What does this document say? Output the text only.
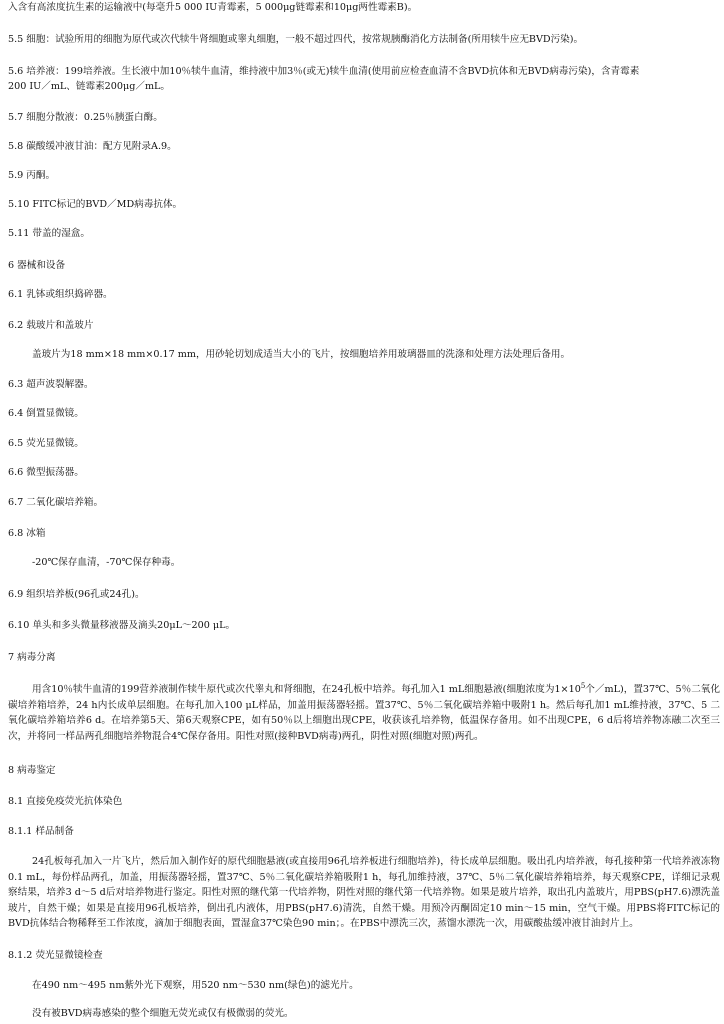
入含有高浓度抗生素的运输液中(每毫升5 000 IU青霉素，5 000μg链霉素和10μg两性霉素B)。
5.5 细胞：试验所用的细胞为原代或次代犊牛肾细胞或睾丸细胞，一般不超过四代，按常规胰酶消化方法制备(所用犊牛应无BVD污染)。
5.6 培养液：199培养液。生长液中加10％犊牛血清，维持液中加3％(或无)犊牛血清(使用前应检查血清不含BVD抗体和无BVD病毒污染)，含青霉素
200 IU／mL、链霉素200μg／mL。
5.7 细胞分散液：0.25％胰蛋白酶。
5.8 碳酸缓冲液甘油：配方见附录A.9。
5.9 丙酮。
5.10 FITC标记的BVD／MD病毒抗体。
5.11 带盖的湿盒。
6 器械和设备
6.1 乳钵或组织捣碎器。
6.2 载玻片和盖玻片
盖玻片为18 mm×18 mm×0.17 mm，用砂轮切划成适当大小的飞片，按细胞培养用玻璃器皿的洗涤和处理方法处理后备用。
6.3 超声波裂解器。
6.4 倒置显微镜。
6.5 荧光显微镜。
6.6 微型振荡器。
6.7 二氧化碳培养箱。
6.8 冰箱
-20℃保存血清，-70℃保存种毒。
6.9 组织培养板(96孔或24孔)。
6.10 单头和多头微量移液器及滴头20μL～200 μL。
7 病毒分离
用含10％犊牛血清的199营养液制作犊牛原代或次代睾丸和肾细胞，在24孔板中培养。每孔加入1 mL细胞悬液(细胞浓度为$1\times 10^5$个／mL)，置37℃、5％二氧化碳培养箱培养，24 h内长成单层细胞。在每孔加入100 μL样品，加盖用振荡器轻摇。置37℃、5％二氧化碳培养箱中吸附1 h。然后每孔加1 mL维持液，37℃、5 二氧化碳培养箱培养6 d。在培养第5天、第6天观察CPE，如有50％以上细胞出现CPE，收获该孔培养物，低温保存备用。如不出现CPE，6 d后将培养物冻融二次至三次，并将同一样品两孔细胞培养物混合4℃保存备用。阳性对照(接种BVD病毒)两孔，阴性对照(细胞对照)两孔。
8 病毒鉴定
8.1 直接免疫荧光抗体染色
8.1.1 样品制备
24孔板每孔加入一片飞片，然后加入制作好的原代细胞悬液(或直接用96孔培养板进行细胞培养)，待长成单层细胞。吸出孔内培养液，每孔接种第一代培养液冻物0.1 mL，每份样品两孔，加盖，用振荡器轻摇，置37℃、5％二氧化碳培养箱吸附1 h，每孔加维持液，37℃、5％二氧化碳培养箱培养，每天观察CPE，详细记录观察结果，培养3 d～5 d后对培养物进行鉴定。阳性对照的继代第一代培养物，阴性对照的继代第一代培养物。如果是玻片培养，取出孔内盖玻片，用PBS(pH7.6)漂洗盖玻片，自然干燥；如果是直接用96孔板培养，倒出孔内液体，用PBS(pH7.6)清洗，自然干燥。用预冷丙酮固定10 min～15 min，空气干燥。用PBS将FITC标记的BVD抗体结合物稀释至工作浓度，滴加于细胞表面，置湿盒37℃染色90 min；。在PBS中漂洗三次，蒸馏水漂洗一次，用碳酸盐缓冲液甘油封片上。
8.1.2 荧光显微镜检查
在490 nm～495 nm紫外光下观察，用520 nm～530 nm(绿色)的滤光片。
没有被BVD病毒感染的整个细胞无荧光或仅有极微弱的荧光。
